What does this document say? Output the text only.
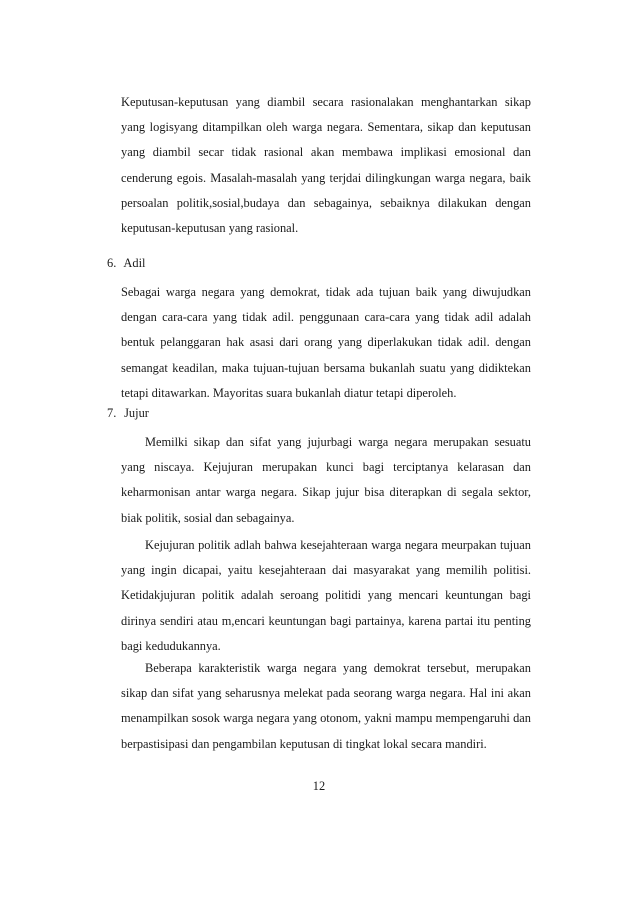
Keputusan-keputusan yang diambil secara rasionalakan menghantarkan sikap yang logisyang ditampilkan oleh warga negara. Sementara, sikap dan keputusan yang diambil secar tidak rasional akan membawa implikasi emosional dan cenderung egois. Masalah-masalah yang terjdai dilingkungan warga negara, baik persoalan politik,sosial,budaya dan sebagainya, sebaiknya dilakukan dengan keputusan-keputusan yang rasional.

6. Adil

Sebagai warga negara yang demokrat, tidak ada tujuan baik yang diwujudkan dengan cara-cara yang tidak adil. penggunaan cara-cara yang tidak adil adalah bentuk pelanggaran hak asasi dari orang yang diperlakukan tidak adil. dengan semangat keadilan, maka tujuan-tujuan bersama bukanlah suatu yang didiktekan tetapi ditawarkan. Mayoritas suara bukanlah diatur tetapi diperoleh.

7. Jujur

Memilki sikap dan sifat yang jujurbagi warga negara merupakan sesuatu yang niscaya. Kejujuran merupakan kunci bagi terciptanya kelarasan dan keharmonisan antar warga negara. Sikap jujur bisa diterapkan di segala sektor, biak politik, sosial dan sebagainya.

Kejujuran politik adlah bahwa kesejahteraan warga negara meurpakan tujuan yang ingin dicapai, yaitu kesejahteraan dai masyarakat yang memilih politisi. Ketidakjujuran politik adalah seroang politidi yang mencari keuntungan bagi dirinya sendiri atau m,encari keuntungan bagi partainya, karena partai itu penting bagi kedudukannya.

Beberapa karakteristik warga negara yang demokrat tersebut, merupakan sikap dan sifat yang seharusnya melekat pada seorang warga negara. Hal ini akan menampilkan sosok warga negara yang otonom, yakni mampu mempengaruhi dan berpastisipasi dan pengambilan keputusan di tingkat lokal secara mandiri.

12
